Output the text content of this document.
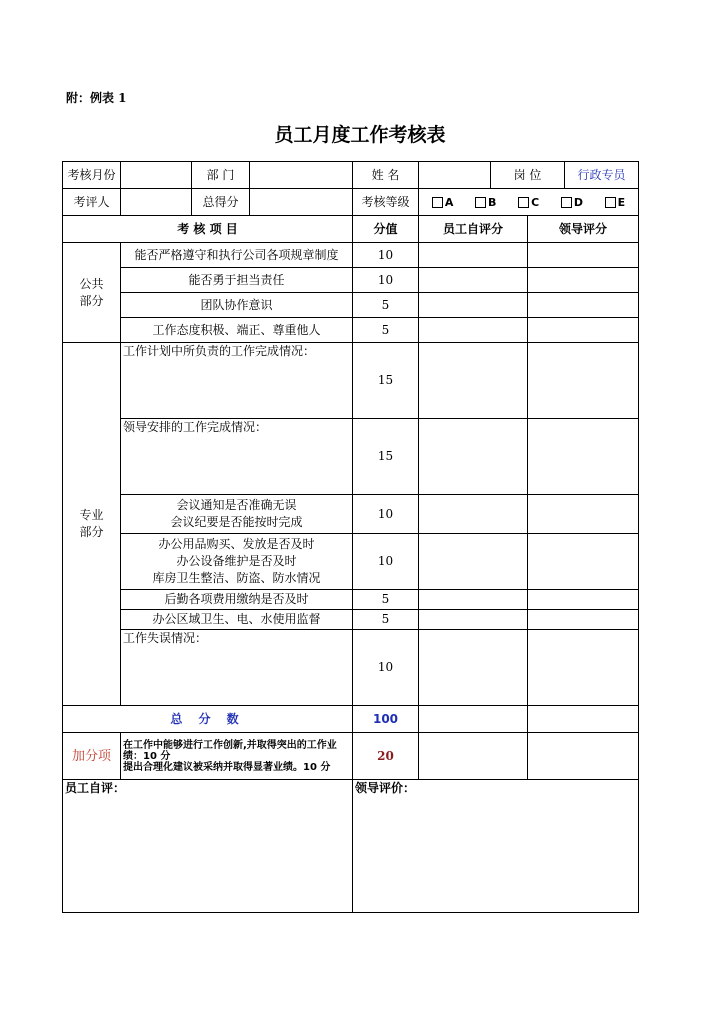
附：例表 1
员工月度工作考核表
考核月份		部 门		姓 名		岗 位		行政专员
考评人		总得分		考核等级	A B C D E			

考 核 项 目				分值	员工自评分		领导评分	

公共
部分	能否严格遵守和执行公司各项规章制度			10				
	能否勇于担当责任			10				
	团队协作意识			5				
	工作态度积极、端正、尊重他人			5				

专业
部分	工作计划中所负责的工作完成情况：			15				
	领导安排的工作完成情况：			15				

	会议通知是否准确无误
会议纪要是否能按时完成			10				

	办公用品购买、发放是否及时
办公设备维护是否及时
库房卫生整洁、防盗、防水情况			10				
	后勤各项费用缴纳是否及时			5				
	办公区域卫生、电、水使用监督			5				
	工作失误情况：			10				
总 分 数				100				
加分项	在工作中能够进行工作创新,并取得突出的工作业绩：10 分
提出合理化建议被采纳并取得显著业绩。10 分			20				
员工自评：				领导评价：				
